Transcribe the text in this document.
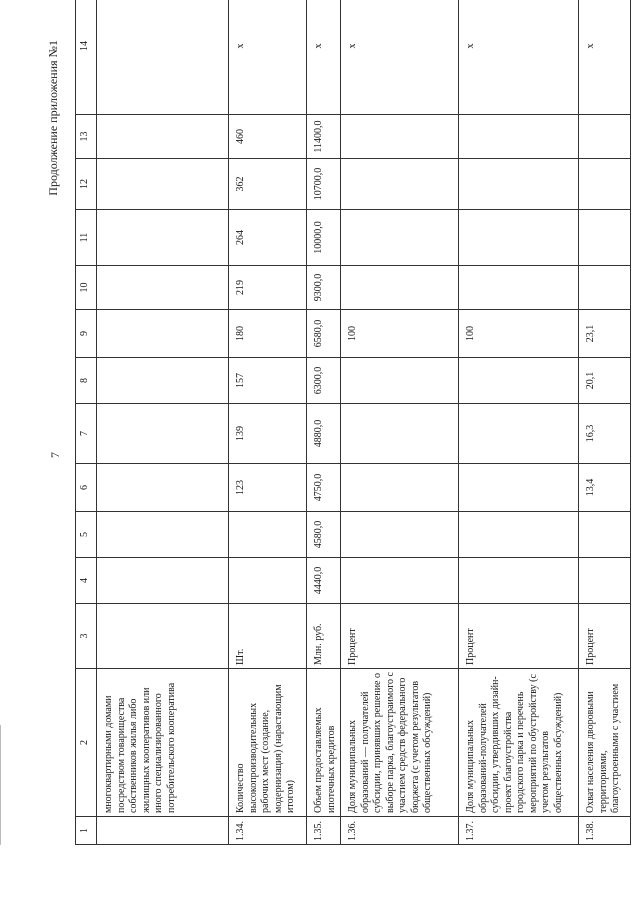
7
Продолжение приложения №1
1	2	3	4	5	6	7	8	9	10	11	12	13	14
	многоквартирными домами посредством товарищества собственников жилья либо жилищных кооперативов или иного специализированного потребительского кооператива												
1.34.	Количество высокопроизводительных рабочих мест (создание, модернизация) (нарастающим итогом)	Шт.			123	139	157	180	219	264	362	460	x
1.35.	Объем предоставляемых ипотечных кредитов	Млн. руб.	4440,0	4580,0	4750,0	4880,0	6300,0	6580,0	9300,0	10000,0	10700,0	11400,0	x
1.36.	Доля муниципальных образований — получателей субсидии, принявших решение о выборе парка, благоустраимого с участием средств федерального бюджета (с учетом результатов общественных обсуждений)	Процент						100					x
1.37.	Доля муниципальных образований-получателей субсидии, утвердивших дизайн-проект благоустройства городского парка и перечень мероприятий по обустройству (с учетом результатов общественных обсуждений)	Процент						100					x
1.38.	Охват населения дворовыми территориями, благоустроенными с участием	Процент			13,4	16,3	20,1	23,1					x
